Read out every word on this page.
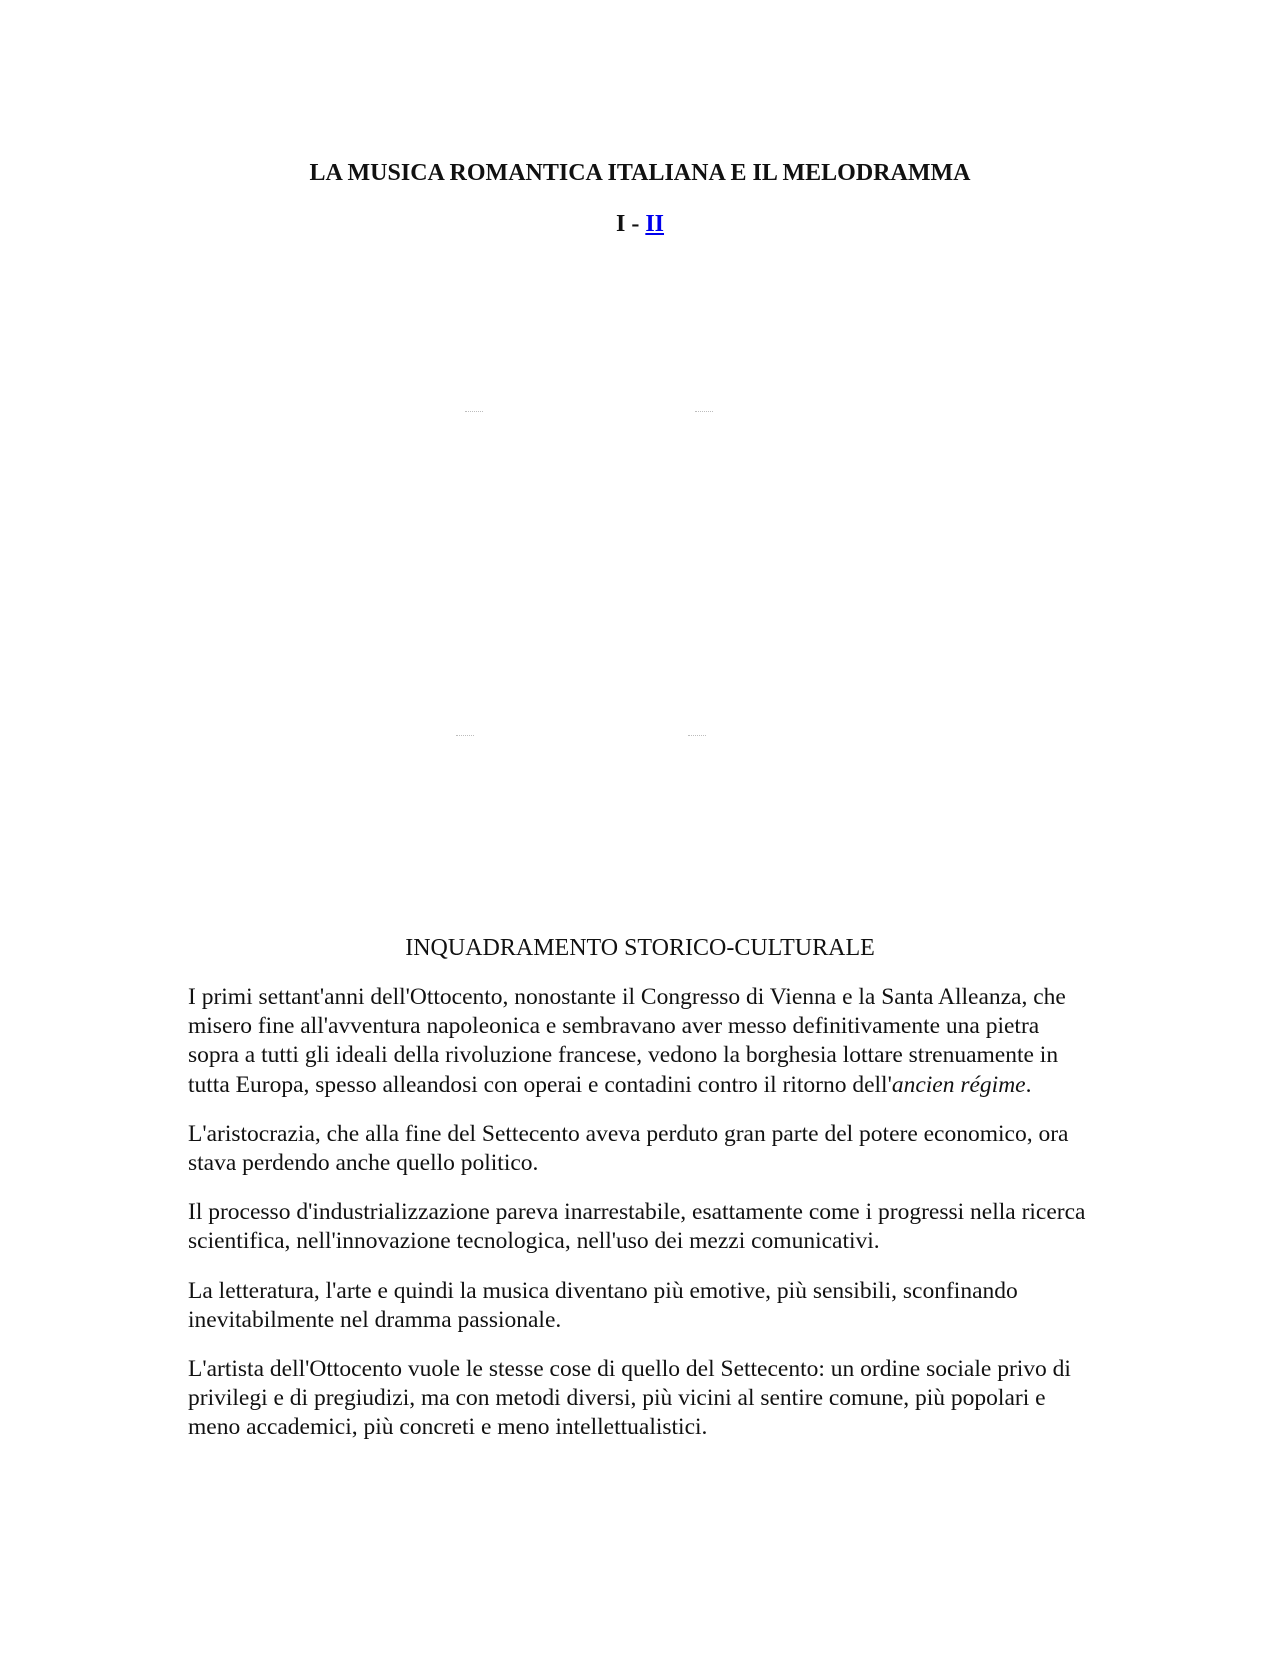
LA MUSICA ROMANTICA ITALIANA E IL MELODRAMMA
I - II
INQUADRAMENTO STORICO-CULTURALE

I primi settant'anni dell'Ottocento, nonostante il Congresso di Vienna e la Santa Alleanza, che misero fine all'avventura napoleonica e sembravano aver messo definitivamente una pietra sopra a tutti gli ideali della rivoluzione francese, vedono la borghesia lottare strenuamente in tutta Europa, spesso alleandosi con operai e contadini contro il ritorno dell'ancien régime.

L'aristocrazia, che alla fine del Settecento aveva perduto gran parte del potere economico, ora stava perdendo anche quello politico.

Il processo d'industrializzazione pareva inarrestabile, esattamente come i progressi nella ricerca scientifica, nell'innovazione tecnologica, nell'uso dei mezzi comunicativi.

La letteratura, l'arte e quindi la musica diventano più emotive, più sensibili, sconfinando inevitabilmente nel dramma passionale.

L'artista dell'Ottocento vuole le stesse cose di quello del Settecento: un ordine sociale privo di privilegi e di pregiudizi, ma con metodi diversi, più vicini al sentire comune, più popolari e meno accademici, più concreti e meno intellettualistici.
